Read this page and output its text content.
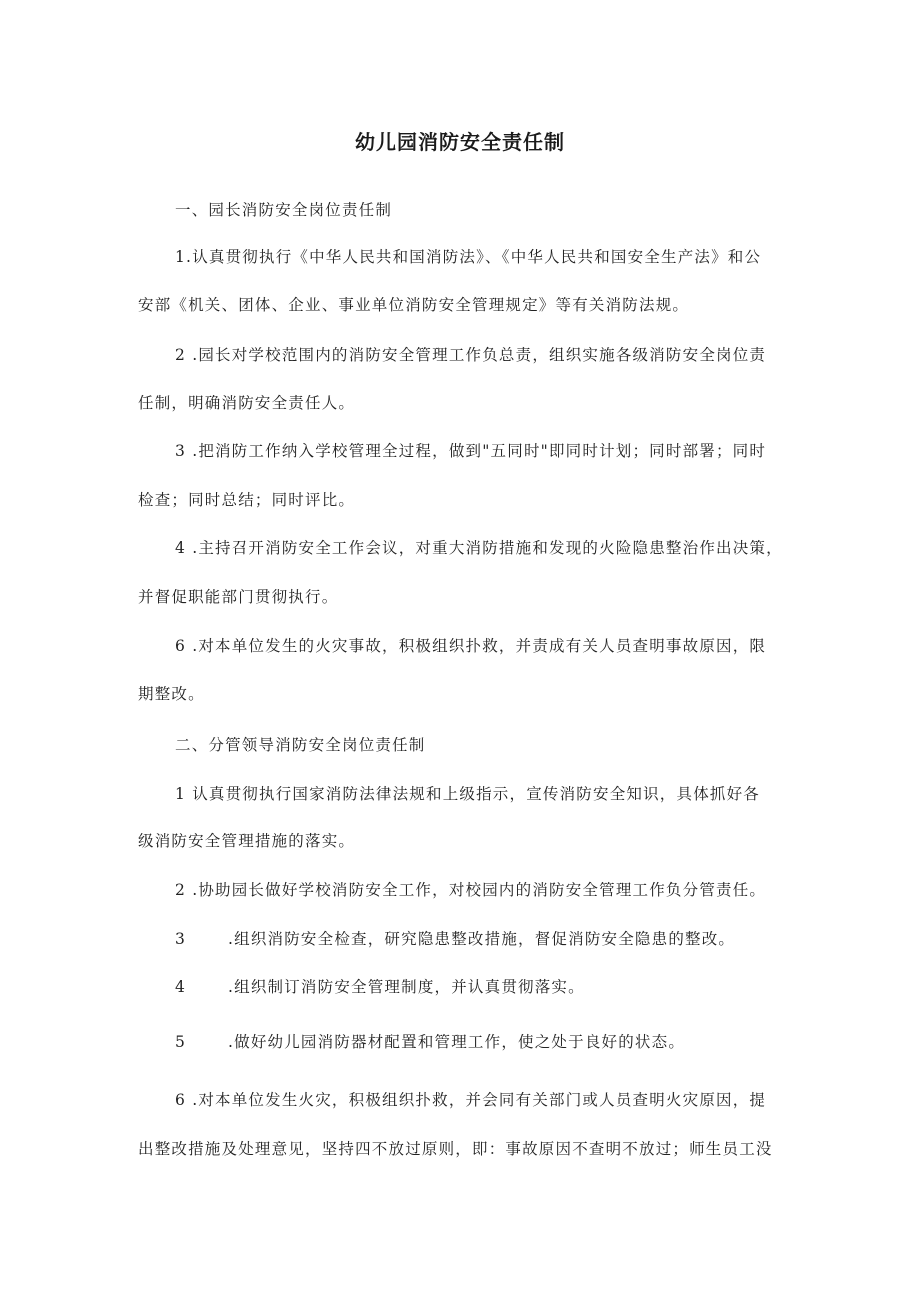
幼儿园消防安全责任制
一、园长消防安全岗位责任制
1.认真贯彻执行《中华人民共和国消防法》、《中华人民共和国安全生产法》和公
安部《机关、团体、企业、事业单位消防安全管理规定》等有关消防法规。
2 .园长对学校范围内的消防安全管理工作负总责，组织实施各级消防安全岗位责
任制，明确消防安全责任人。
3 .把消防工作纳入学校管理全过程，做到"五同时"即同时计划；同时部署；同时
检查；同时总结；同时评比。
4 .主持召开消防安全工作会议，对重大消防措施和发现的火险隐患整治作出决策，
并督促职能部门贯彻执行。
6 .对本单位发生的火灾事故，积极组织扑救，并责成有关人员查明事故原因，限
期整改。
二、分管领导消防安全岗位责任制
1 认真贯彻执行国家消防法律法规和上级指示，宣传消防安全知识，具体抓好各
级消防安全管理措施的落实。
2 .协助园长做好学校消防安全工作，对校园内的消防安全管理工作负分管责任。
3	.组织消防安全检查，研究隐患整改措施，督促消防安全隐患的整改。
4	.组织制订消防安全管理制度，并认真贯彻落实。
5	.做好幼儿园消防器材配置和管理工作，使之处于良好的状态。
6 .对本单位发生火灾，积极组织扑救，并会同有关部门或人员查明火灾原因，提
出整改措施及处理意见，坚持四不放过原则，即：事故原因不查明不放过；师生员工没
